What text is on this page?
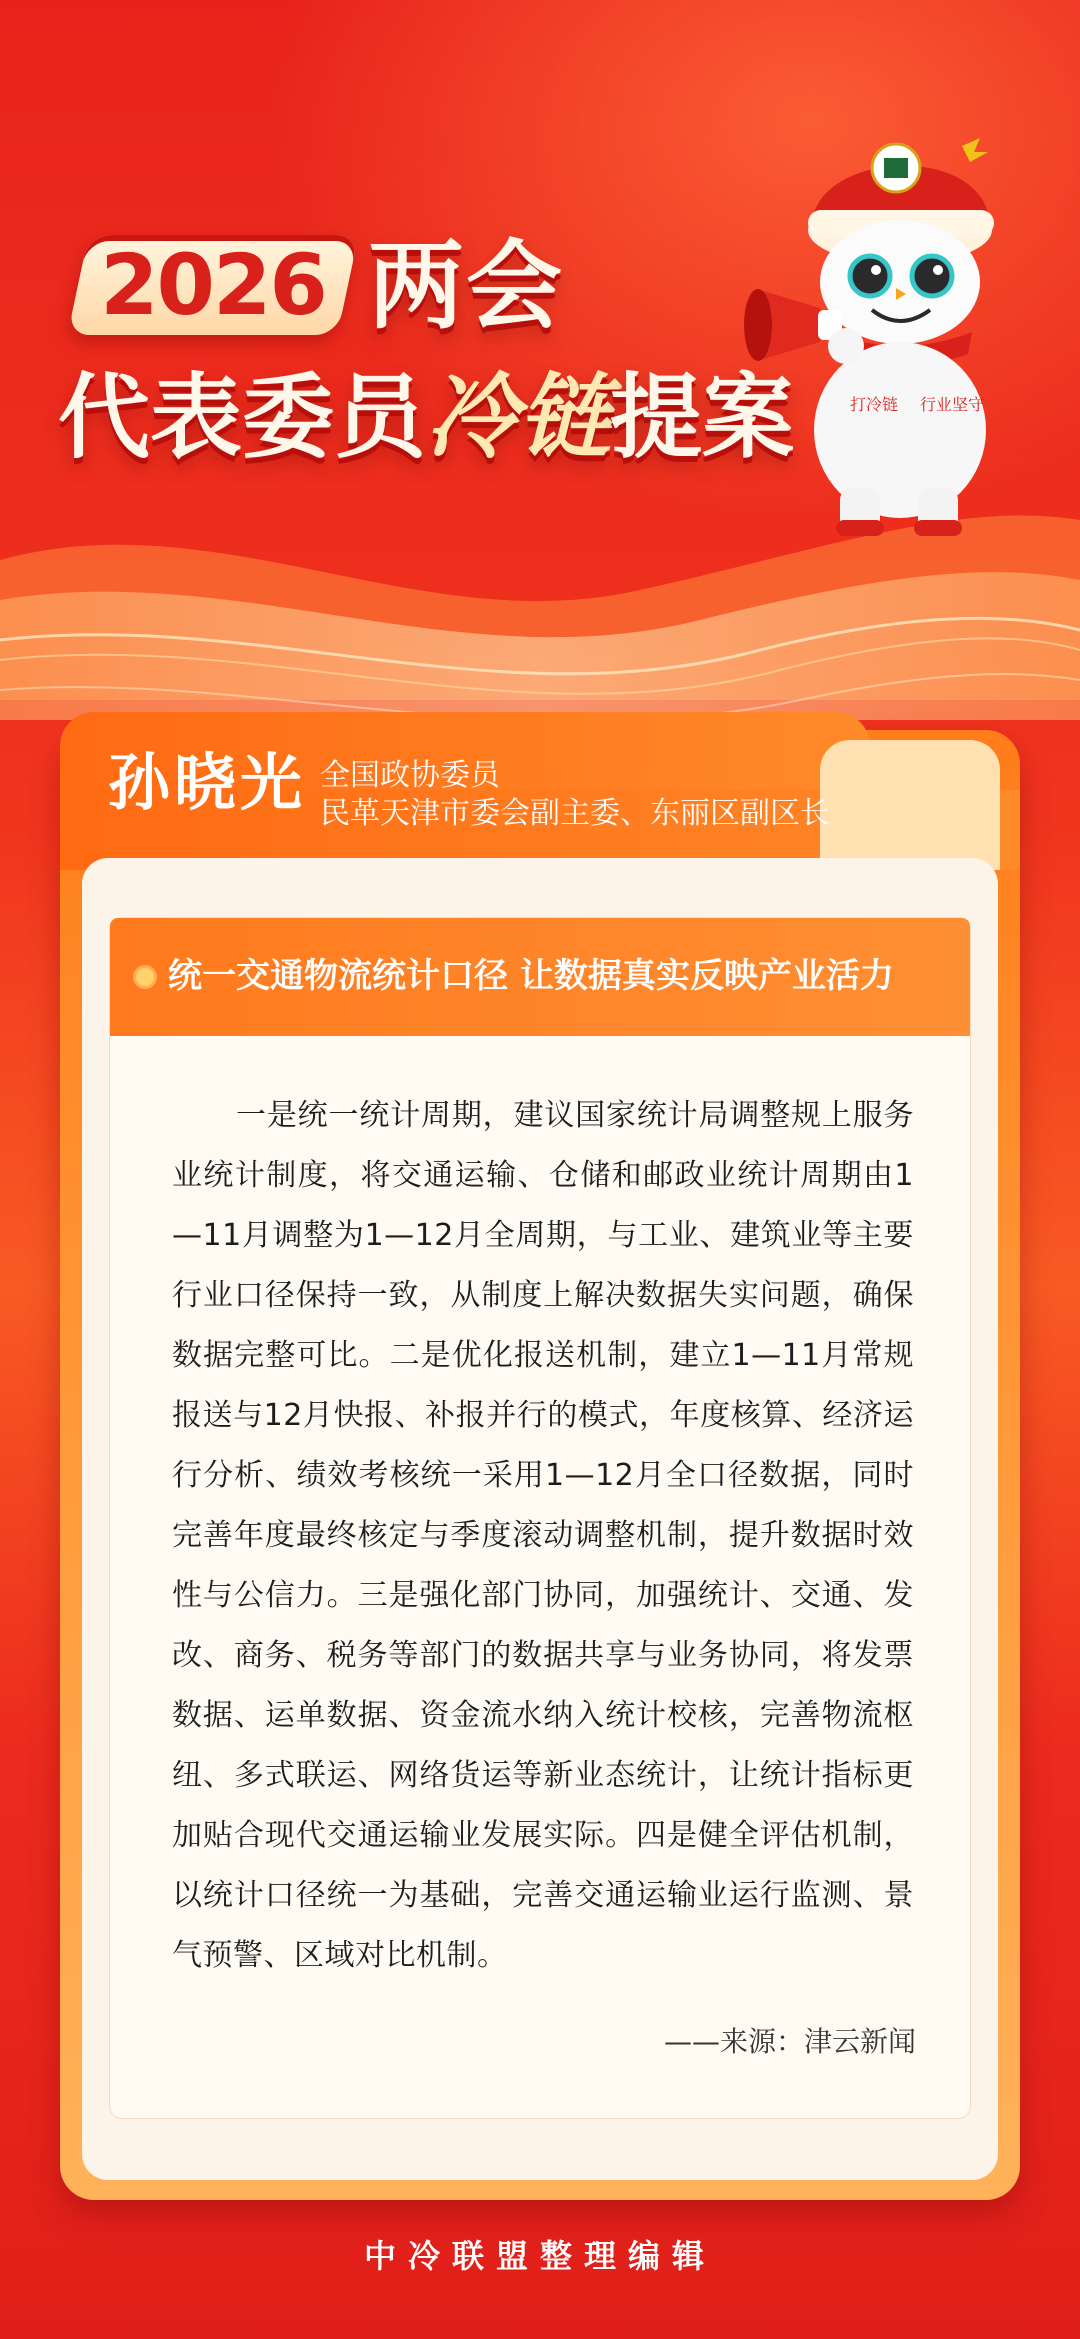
2026 两会
代表委员冷链提案	打冷链 行业坚守
孙晓光 全国政协委员
民革天津市委会副主委、东丽区副区长
统一交通物流统计口径 让数据真实反映产业活力
一是统一统计周期，建议国家统计局调整规上服务业统计制度，将交通运输、仓储和邮政业统计周期由1—11月调整为1—12月全周期，与工业、建筑业等主要行业口径保持一致，从制度上解决数据失实问题，确保数据完整可比。二是优化报送机制，建立1—11月常规报送与12月快报、补报并行的模式，年度核算、经济运行分析、绩效考核统一采用1—12月全口径数据，同时完善年度最终核定与季度滚动调整机制，提升数据时效性与公信力。三是强化部门协同，加强统计、交通、发改、商务、税务等部门的数据共享与业务协同，将发票数据、运单数据、资金流水纳入统计校核，完善物流枢纽、多式联运、网络货运等新业态统计，让统计指标更加贴合现代交通运输业发展实际。四是健全评估机制，以统计口径统一为基础，完善交通运输业运行监测、景气预警、区域对比机制。
——来源：津云新闻
中冷联盟整理编辑
